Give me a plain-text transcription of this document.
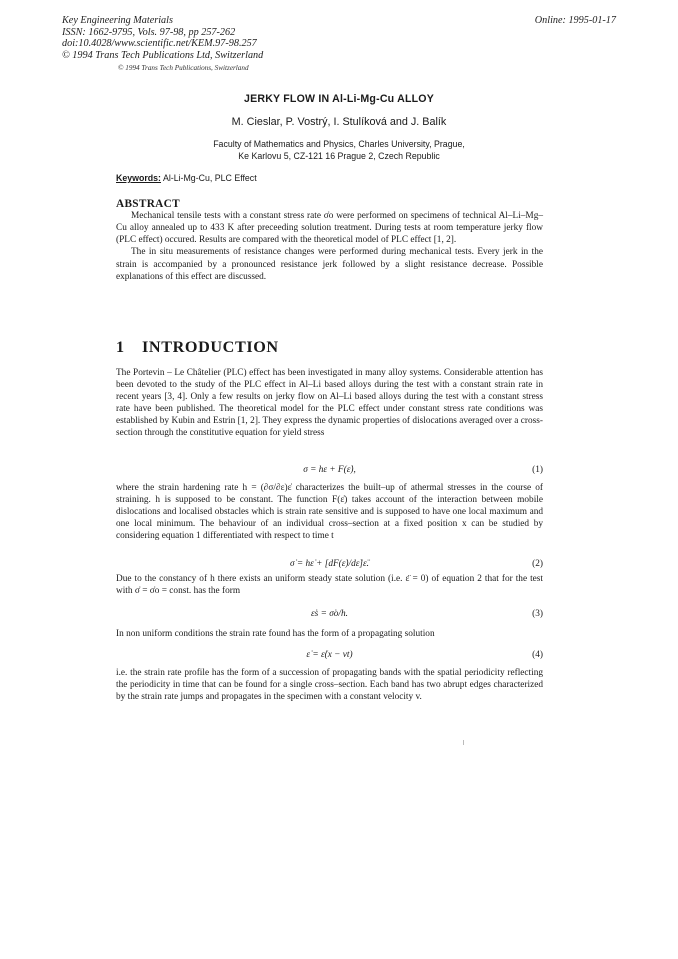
Key Engineering Materials
ISSN: 1662-9795, Vols. 97-98, pp 257-262
doi:10.4028/www.scientific.net/KEM.97-98.257
© 1994 Trans Tech Publications Ltd, Switzerland
Online: 1995-01-17
© 1994 Trans Tech Publications, Switzerland
JERKY FLOW IN Al-Li-Mg-Cu ALLOY
M. Cieslar, P. Vostrý, I. Stulíková and J. Balík
Faculty of Mathematics and Physics, Charles University, Prague,
Ke Karlovu 5, CZ-121 16 Prague 2, Czech Republic
Keywords: Al-Li-Mg-Cu, PLC Effect
ABSTRACT

Mechanical tensile tests with a constant stress rate σ̇o were performed on specimens of technical Al–Li–Mg–Cu alloy annealed up to 433 K after preceeding solution treatment. During tests at room temperature jerky flow (PLC effect) occured. Results are compared with the theoretical model of PLC effect [1, 2].

The in situ measurements of resistance changes were performed during mechanical tests. Every jerk in the strain is accompanied by a pronounced resistance jerk followed by a slight resistance decrease. Possible explanations of this effect are discussed.

1 INTRODUCTION

The Portevin – Le Châtelier (PLC) effect has been investigated in many alloy systems. Considerable attention has been devoted to the study of the PLC effect in Al–Li based alloys during the test with a constant strain rate in recent years [3, 4]. Only a few results on jerky flow on Al–Li based alloys during the test with a constant stress rate have been published. The theoretical model for the PLC effect under constant stress rate conditions was established by Kubin and Estrin [1, 2]. They express the dynamic properties of dislocations averaged over a cross-section through the constitutive equation for yield stress

σ = hε + F(ε̇),	(1)

where the strain hardening rate h = (∂σ/∂ε)ε̇ characterizes the built–up of athermal stresses in the course of straining. h is supposed to be constant. The function F(ε̇) takes account of the interaction between mobile dislocations and localised obstacles which is strain rate sensitive and is supposed to have one local maximum and one local minimum. The behaviour of an individual cross–section at a fixed position x can be studied by considering equation 1 differentiated with respect to time t

σ̇ = hε̇ + [dF(ε̇)/dε̇]ε̈.	(2)

Due to the constancy of h there exists an uniform steady state solution (i.e. ε̈ = 0) of equation 2 that for the test with σ̇ = σ̇o = const. has the form

ε̇s = σ̇o/h.	(3)

In non uniform conditions the strain rate found has the form of a propagating solution

ε̇ = ε̇(x − vt)	(4)

i.e. the strain rate profile has the form of a succession of propagating bands with the spatial periodicity reflecting the periodicity in time that can be found for a single cross–section. Each band has two abrupt edges characterized by the strain rate jumps and propagates in the specimen with a constant velocity v.
